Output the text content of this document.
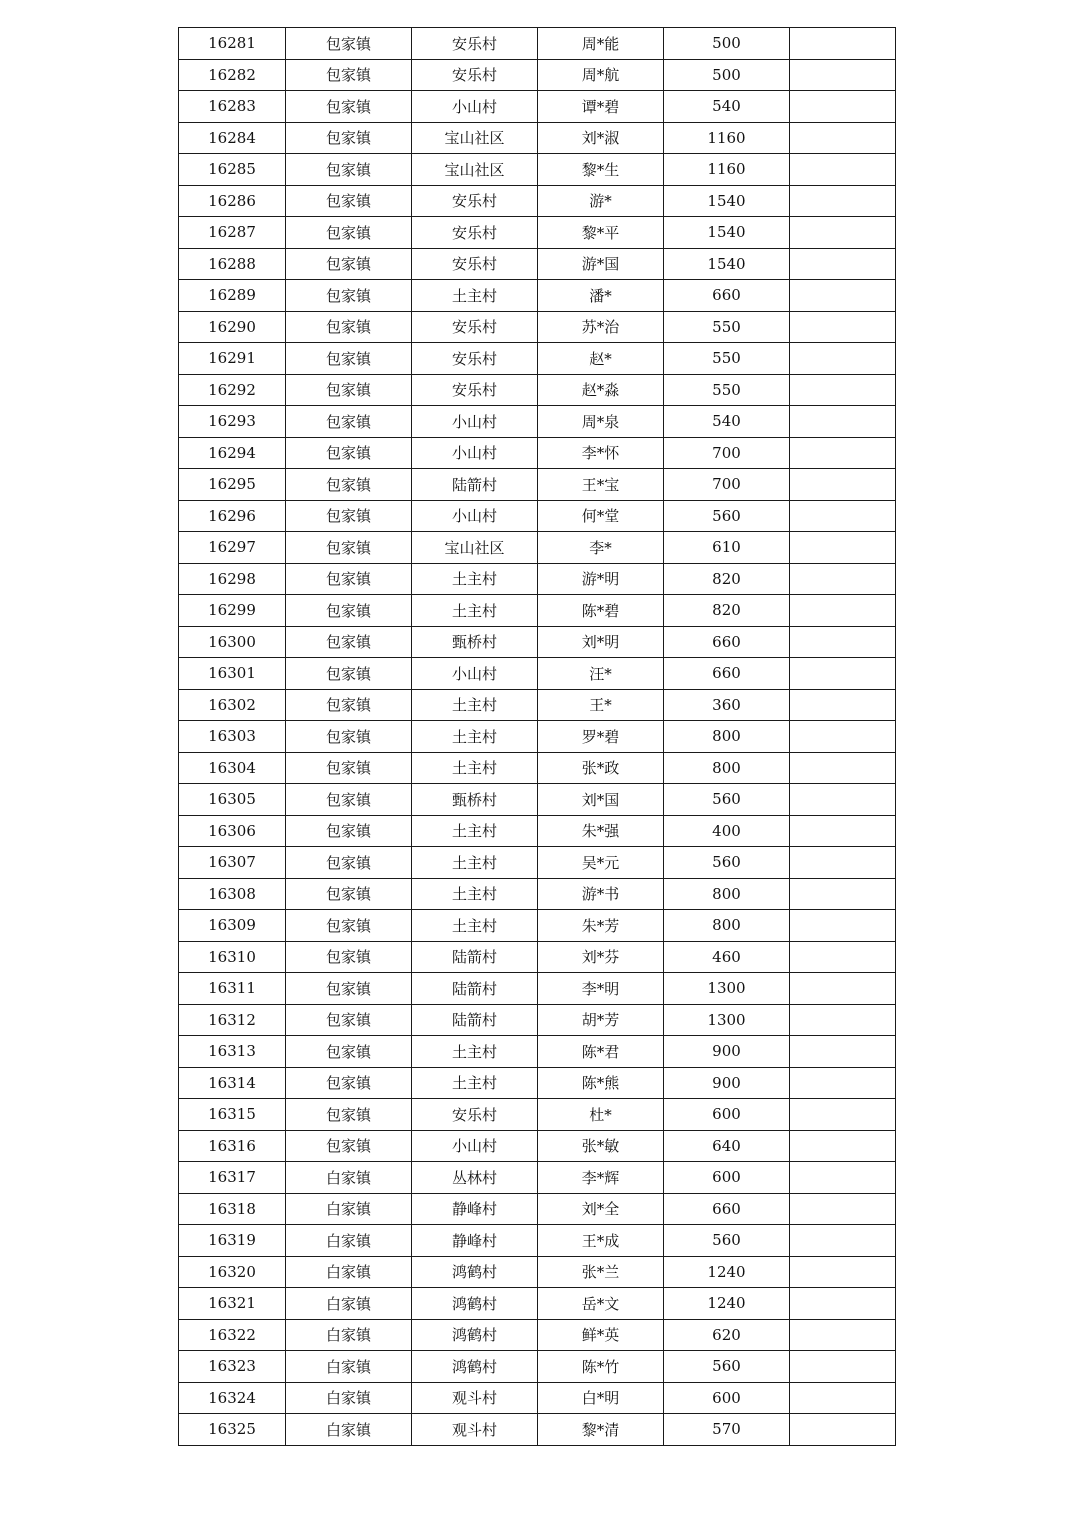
16281	包家镇	安乐村	周*能	500	
16282	包家镇	安乐村	周*航	500	
16283	包家镇	小山村	谭*碧	540	
16284	包家镇	宝山社区	刘*淑	1160	
16285	包家镇	宝山社区	黎*生	1160	
16286	包家镇	安乐村	游*	1540	
16287	包家镇	安乐村	黎*平	1540	
16288	包家镇	安乐村	游*国	1540	
16289	包家镇	土主村	潘*	660	
16290	包家镇	安乐村	苏*治	550	
16291	包家镇	安乐村	赵*	550	
16292	包家镇	安乐村	赵*淼	550	
16293	包家镇	小山村	周*泉	540	
16294	包家镇	小山村	李*怀	700	
16295	包家镇	陆箭村	王*宝	700	
16296	包家镇	小山村	何*堂	560	
16297	包家镇	宝山社区	李*	610	
16298	包家镇	土主村	游*明	820	
16299	包家镇	土主村	陈*碧	820	
16300	包家镇	甄桥村	刘*明	660	
16301	包家镇	小山村	汪*	660	
16302	包家镇	土主村	王*	360	
16303	包家镇	土主村	罗*碧	800	
16304	包家镇	土主村	张*政	800	
16305	包家镇	甄桥村	刘*国	560	
16306	包家镇	土主村	朱*强	400	
16307	包家镇	土主村	吴*元	560	
16308	包家镇	土主村	游*书	800	
16309	包家镇	土主村	朱*芳	800	
16310	包家镇	陆箭村	刘*芬	460	
16311	包家镇	陆箭村	李*明	1300	
16312	包家镇	陆箭村	胡*芳	1300	
16313	包家镇	土主村	陈*君	900	
16314	包家镇	土主村	陈*熊	900	
16315	包家镇	安乐村	杜*	600	
16316	包家镇	小山村	张*敏	640	
16317	白家镇	丛林村	李*辉	600	
16318	白家镇	静峰村	刘*全	660	
16319	白家镇	静峰村	王*成	560	
16320	白家镇	鸿鹤村	张*兰	1240	
16321	白家镇	鸿鹤村	岳*文	1240	
16322	白家镇	鸿鹤村	鲜*英	620	
16323	白家镇	鸿鹤村	陈*竹	560	
16324	白家镇	观斗村	白*明	600	
16325	白家镇	观斗村	黎*清	570	
